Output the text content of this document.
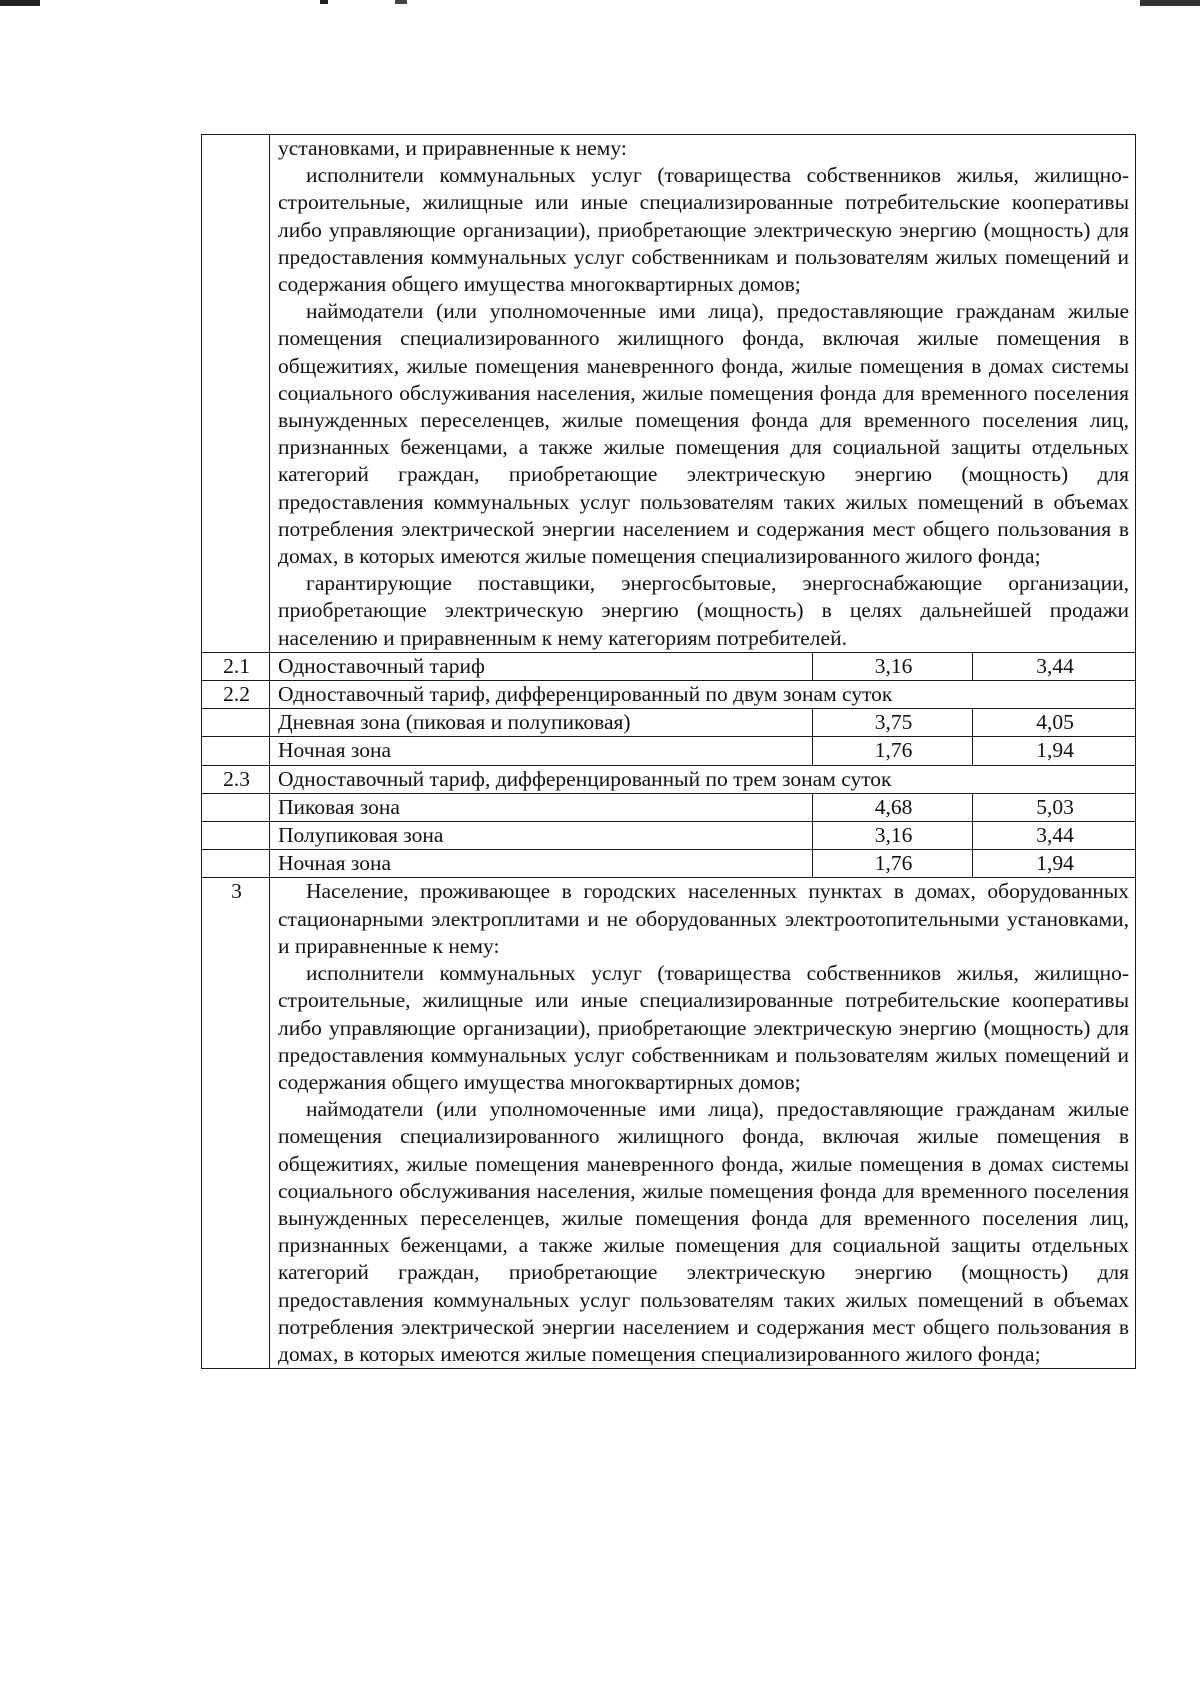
	установками, и приравненные к нему:
исполнители коммунальных услуг (товарищества собственников жилья, жилищно-строительные, жилищные или иные специализированные потребительские кооперативы либо управляющие организации), приобретающие электрическую энергию (мощность) для предоставления коммунальных услуг собственникам и пользователям жилых помещений и содержания общего имущества многоквартирных домов;
наймодатели (или уполномоченные ими лица), предоставляющие гражданам жилые помещения специализированного жилищного фонда, включая жилые помещения в общежитиях, жилые помещения маневренного фонда, жилые помещения в домах системы социального обслуживания населения, жилые помещения фонда для временного поселения вынужденных переселенцев, жилые помещения фонда для временного поселения лиц, признанных беженцами, а также жилые помещения для социальной защиты отдельных категорий граждан, приобретающие электрическую энергию (мощность) для предоставления коммунальных услуг пользователям таких жилых помещений в объемах потребления электрической энергии населением и содержания мест общего пользования в домах, в которых имеются жилые помещения специализированного жилого фонда;
гарантирующие поставщики, энергосбытовые, энергоснабжающие организации, приобретающие электрическую энергию (мощность) в целях дальнейшей продажи населению и приравненным к нему категориям потребителей.		

2.1	Одноставочный тариф	3,16	3,44
2.2	Одноставочный тариф, дифференцированный по двум зонам суток		
	Дневная зона (пиковая и полупиковая)	3,75	4,05
	Ночная зона	1,76	1,94
2.3	Одноставочный тариф, дифференцированный по трем зонам суток		
	Пиковая зона	4,68	5,03
	Полупиковая зона	3,16	3,44
	Ночная зона	1,76	1,94
3	Население, проживающее в городских населенных пунктах в домах, оборудованных стационарными электроплитами и не оборудованных электроотопительными установками, и приравненные к нему:
исполнители коммунальных услуг (товарищества собственников жилья, жилищно-строительные, жилищные или иные специализированные потребительские кооперативы либо управляющие организации), приобретающие электрическую энергию (мощность) для предоставления коммунальных услуг собственникам и пользователям жилых помещений и содержания общего имущества многоквартирных домов;
наймодатели (или уполномоченные ими лица), предоставляющие гражданам жилые помещения специализированного жилищного фонда, включая жилые помещения в общежитиях, жилые помещения маневренного фонда, жилые помещения в домах системы социального обслуживания населения, жилые помещения фонда для временного поселения вынужденных переселенцев, жилые помещения фонда для временного поселения лиц, признанных беженцами, а также жилые помещения для социальной защиты отдельных категорий граждан, приобретающие электрическую энергию (мощность) для предоставления коммунальных услуг пользователям таких жилых помещений в объемах потребления электрической энергии населением и содержания мест общего пользования в домах, в которых имеются жилые помещения специализированного жилого фонда;		
